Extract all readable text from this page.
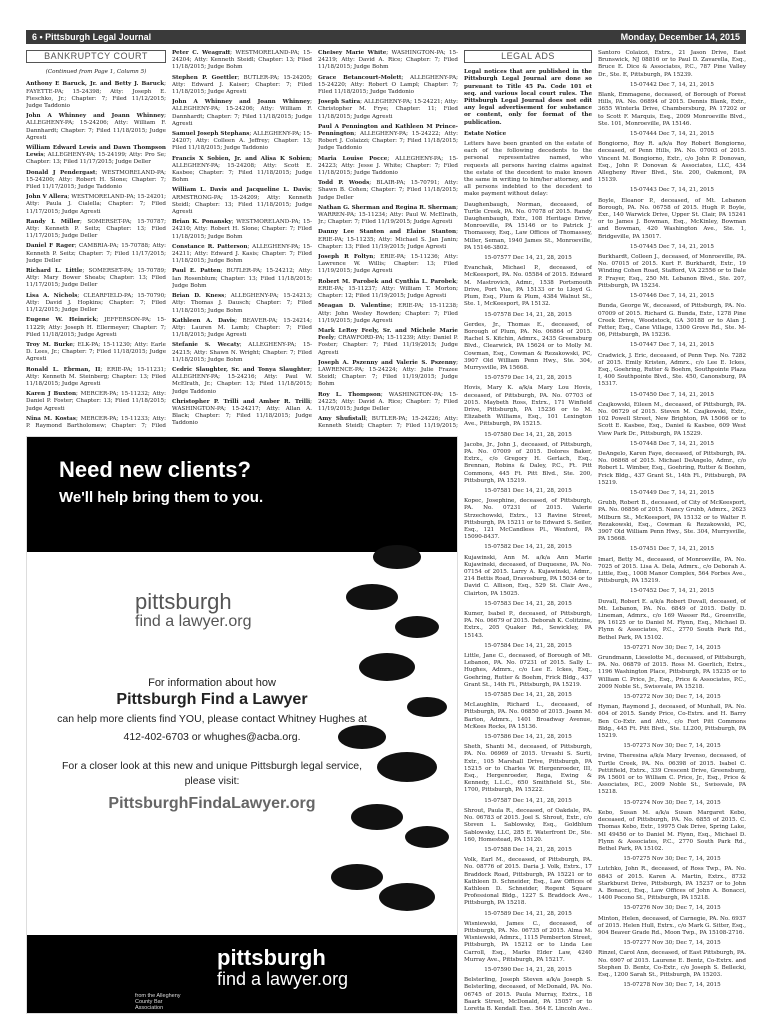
6 • Pittsburgh Legal Journal	Monday, December 14, 2015
BANKRUPTCY COURT
(Continued from Page 1, Column 5)

Anthony E Baruck, Jr. and Betty J. Baruck; FAYETTE-PA; 15-24398; Atty: Joseph E. Fieschko, Jr.; Chapter: 7; Filed 11/12/2015; Judge Taddonio

John A Whinney and Joann Whinney; ALLEGHENY-PA; 15-24206; Atty: William F. Dannhardt; Chapter: 7; Filed 11/18/2015; Judge Agresti

William Edward Lewis and Dawn Thompson Lewis; ALLEGHENY-PA; 15-24199; Atty: Pro Se; Chapter: 13; Filed 11/17/2015; Judge Deller

Donald J Pendergast; WESTMORELAND-PA; 15-24200; Atty: Robert H. Slone; Chapter: 7; Filed 11/17/2015; Judge Taddonio

John V Allera; WESTMORELAND-PA; 15-24201; Atty: Paula J. Cialella; Chapter: 7; Filed 11/17/2015; Judge Agresti

Randy L Miller; SOMERSET-PA; 15-70787; Atty: Kenneth P. Seitz; Chapter: 13; Filed 11/17/2015; Judge Deller

Daniel F Rager; CAMBRIA-PA; 15-70788; Atty: Kenneth P. Seitz; Chapter: 7; Filed 11/17/2015; Judge Deller

Richard L. Little; SOMERSET-PA; 15-70789; Atty: Mary Bower Sheats; Chapter: 13; Filed 11/17/2015; Judge Deller

Lisa A. Nichols; CLEARFIELD-PA; 15-70790; Atty: David J. Hopkins; Chapter: 7; Filed 11/12/2015; Judge Deller

Eugene W. Heinrick; JEFFERSON-PA; 15-11229; Atty: Joseph H. Ellermeyer; Chapter: 7; Filed 11/18/2015; Judge Agresti

Troy M. Burke; ELK-PA; 15-11230; Atty: Earle D. Lees, Jr.; Chapter: 7; Filed 11/18/2015; Judge Agresti

Ronald L. Ebrman, II; ERIE-PA; 15-11231; Atty: Kenneth M. Steinberg; Chapter: 13; Filed 11/18/2015; Judge Agresti

Karen J Buxton; MERCER-PA; 15-11232; Atty: Daniel P. Foster; Chapter: 13; Filed 11/18/2015; Judge Agresti

Nina M. Kostas; MERCER-PA; 15-11233; Atty: P. Raymond Bartholomew; Chapter: 7; Filed

Peter C. Weagraff; WESTMORELAND-PA; 15-24204; Atty: Kenneth Steidl; Chapter: 13; Filed 11/18/2015; Judge Bohm

Stephen P. Goettler; BUTLER-PA; 15-24205; Atty: Edward J. Kaiser; Chapter: 7; Filed 11/18/2015; Judge Agresti

John A Whinney and Joann Whinney; ALLEGHENY-PA; 15-24206; Atty: William F. Dannhardt; Chapter: 7; Filed 11/18/2015; Judge Agresti

Samuel Joseph Stephans; ALLEGHENY-PA; 15-24207; Atty: Colleen A. Jeffrey; Chapter: 13; Filed 11/18/2015; Judge Taddonio

Francis X Sobien, Jr. and Alisa K Sobien; ALLEGHENY-PA; 15-24208; Atty: Scott E. Kasbee; Chapter: 7; Filed 11/18/2015; Judge Bohm

William L. Davis and Jacqueline L. Davis; ARMSTRONG-PA; 15-24209; Atty: Kenneth Steidl; Chapter: 13; Filed 11/18/2015; Judge Agresti

Brian K. Ponansky; WESTMORELAND-PA; 15-24210; Atty: Robert H. Slone; Chapter: 7; Filed 11/18/2015; Judge Bohm

Constance R. Patterson; ALLEGHENY-PA; 15-24211; Atty: Edward J. Kasis; Chapter: 7; Filed 11/18/2015; Judge Bohm

Paul E. Patten; BUTLER-PA; 15-24212; Atty: Ian Rosenblum; Chapter: 13; Filed 11/18/2015; Judge Bohm

Brian D. Kness; ALLEGHENY-PA; 15-24213; Atty: Thomas J. Dausch; Chapter: 7; Filed 11/18/2015; Judge Bohm

Kathleen A. Davis; BEAVER-PA; 15-24214; Atty: Lauren M. Lamb; Chapter: 7; Filed 11/18/2015; Judge Agresti

Stefanie S. Wecaty; ALLEGHENY-PA; 15-24215; Atty: Shawn N. Wright; Chapter: 7; Filed 11/18/2015; Judge Bohm

Cedric Slaughter, Sr. and Tonya Slaughter; ALLEGHENY-PA; 15-24216; Atty: Paul W. McElrath, Jr.; Chapter: 13; Filed 11/18/2015; Judge Taddonio

Christopher P. Trilli and Amber R. Trilli; WASHINGTON-PA; 15-24217; Atty: Allan A. Black; Chapter: 7; Filed 11/18/2015; Judge Taddonio

Chelsey Marie White; WASHINGTON-PA; 15-24219; Atty: David A. Rice; Chapter: 7; Filed 11/18/2015; Judge Bohm

Grace Betancourt-Molett; ALLEGHENY-PA; 15-24220; Atty: Robert O Lampl; Chapter: 7; Filed 11/18/2015; Judge Taddonio

Joseph Satira; ALLEGHENY-PA; 15-24221; Atty: Christopher M. Frye; Chapter: 11; Filed 11/18/2015; Judge Agresti

Paul A Pennington and Kathleen M Prince-Pennington; ALLEGHENY-PA; 15-24222; Atty: Robert J. Colaizzi; Chapter: 7; Filed 11/18/2015; Judge Taddonio

Maria Louise Pocce; ALLEGHENY-PA; 15-24223; Atty: Jesse J. White; Chapter: 7; Filed 11/18/2015; Judge Taddonio

Todd P. Woods; BLAIR-PA; 15-70791; Atty: Shawn B. Cohen; Chapter: 7; Filed 11/18/2015; Judge Deller

Nathan G. Sherman and Regina R. Sherman; WARREN-PA; 15-11234; Atty: Paul W. McElrath, Jr.; Chapter: 7; Filed 11/19/2015; Judge Agresti

Danny Lee Stanton and Elaine Stanton; ERIE-PA; 15-11235; Atty: Michael S. Jan Janin; Chapter: 13; Filed 11/19/2015; Judge Agresti

Joseph R Foltyn; ERIE-PA; 15-11236; Atty: Lawrence W. Willis; Chapter: 13; Filed 11/19/2015; Judge Agresti

Robert M. Parobek and Cynthia L. Parobek; ERIE-PA; 15-11237; Atty: William T. Morton; Chapter: 12; Filed 11/19/2015; Judge Agresti

Meagan D. Valentine; ERIE-PA; 15-11238; Atty: John Wesley Rowden; Chapter: 7; Filed 11/19/2015; Judge Agresti

Mark LeRoy Feely, Sr. and Michele Marie Feely; CRAWFORD-PA; 15-11239; Atty: Daniel P. Foster; Chapter: 7; Filed 11/19/2015; Judge Agresti

Joseph A. Pszenny and Valerie S. Pszenny; LAWRENCE-PA; 15-24224; Atty: Julie Frazee Steidl; Chapter: 7; Filed 11/19/2015; Judge Bohm

Roy L. Thompson; WASHINGTON-PA; 15-24225; Atty: David A. Rice; Chapter: 7; Filed 11/19/2015; Judge Deller

Amy Shufistall; BUTLER-PA; 15-24226; Atty: Kenneth Steidl; Chapter: 7; Filed 11/19/2015;

LEGAL ADS

Legal notices that are published in the Pittsburgh Legal Journal are done so pursuant to Title 45 Pa. Code 101 et seq. and various local court rules. The Pittsburgh Legal Journal does not edit any legal advertisement for substance or content, only for format of the publication.

Estate Notice

Letters have been granted on the estate of each of the following decedents to the personal representative named, who requests all persons having claims against the estate of the decedent to make known the same in writing to him/her attorney, and all persons indebted to the decedent to make payment without delay:

Daughenbaugh, Norman, deceased, of Turtle Creek, PA. No. 07078 of 2015. Randy Daughenbaugh, Extr., 108 Heritage Drive, Monroeville, PA 15146 or to Patrick J. Thomassey, Esq., Law Offices of Thomassey, Miller, Seman, 1940 James St., Monroeville, PA 15146-3802.

15-07577 Dec 14, 21, 28, 2015

Evanchak, Michael P., deceased, of McKeesport, PA. No. 05584 of 2015. Edward M. Mastrovich, Admr., 1538 Portsmouth Drive, Port Vue, PA 15133 or to Lloyd G. Plum, Esq., Plum & Plum, 4384 Walnut St., Ste. 1, McKeesport, PA 15132.

15-07578 Dec 14, 21, 28, 2015

Gerdes, Jr., Thomas E., deceased, of Borough of Plum, PA. No. 06864 of 2015. Rachel S. Kitchin, Admrx., 2435 Greensburg Blvd., Clearwick, PA 15624 or to Molly M. Cowman, Esq., Cowman & Rezakowski, PC, 3907 Old William Penn Hwy., Ste. 304, Murrysville, PA 15668.

15-07579 Dec 14, 21, 28, 2015

Hovis, Mary K. a/k/a Mary Lou Hovis, deceased, of Pittsburgh, PA. No. 07703 of 2015. Maybeth Ross, Extrx., 171 Winfield Drive, Pittsburgh, PA 15236 or to M. Elizabeth Williams, Esq., 101 Lexington Ave., Pittsburgh, PA 15215.

15-07580 Dec 14, 21, 28, 2015

Jacobs, Jr., John J., deceased, of Pittsburgh, PA. No. 07009 of 2015. Dolores Baker, Extrx., c/o Gregory H. Gerlach, Esq., Brennan, Robins & Daley, P.C., Ft. Pitt Commons, 445 Ft. Pitt Blvd., Ste. 200, Pittsburgh, PA 15219.

15-07581 Dec 14, 21, 28, 2015

Kopec, Josephine, deceased, of Pittsburgh, PA. No. 07231 of 2015. Valerie Strzechowski, Extrx., 13 Ravine Street, Pittsburgh, PA 15211 or to Edward S. Seiler, Esq., 121 McCandless Pl., Wexford, PA 15090-8437.

15-07582 Dec 14, 21, 28, 2015

Kujawinski, Ann M. a/k/a Ann Marie Kujawinski, deceased, of Duquesne, PA. No. 07154 of 2015. Larry A. Kujawinski, Admr., 214 Bettis Road, Dravosburg, PA 15034 or to David C. Allison, Esq., 529 St. Clair Ave., Clairton, PA 15025.

15-07583 Dec 14, 21, 28, 2015

Kumer, Isabel P., deceased, of Pittsburgh, PA. No. 06679 of 2015. Deborah K. Colitzine, Extrx., 205 Quaker Rd., Sewickley, PA 15143.

15-07584 Dec 14, 21, 28, 2015

Little, Jane C., deceased, of Borough of Mt. Lebanon, PA. No. 07231 of 2015. Sally L. Hughes, Admrx., c/o Lee E. Ickes, Esq., Goehring, Rutter & Boehm, Frick Bldg., 437 Grant St., 14th Fl., Pittsburgh, PA 15219.

15-07585 Dec 14, 21, 28, 2015

McLaughlin, Richard L., deceased, of Pittsburgh, PA. No. 06850 of 2015. Joann M. Barton, Admrx., 1401 Broadway Avenue, McKees Rocks, PA 15136.

15-07586 Dec 14, 21, 28, 2015

Sheth, Shanti M., deceased, of Pittsburgh, PA. No. 06969 of 2015. Urvashi S. Surti, Extr., 105 Marshall Drive, Pittsburgh, PA 15215 or to Charles W. Hergenroeder, III, Esq., Hergenroeder, Rega, Ewing & Kennedy, L.L.C., 650 Smithfield St., Ste. 1700, Pittsburgh, PA 15222.

15-07587 Dec 14, 21, 28, 2015

Shrout, Paula R., deceased, of Oakdale, PA. No. 06783 of 2015. Joel S. Shrout, Extr., c/o Steven L. Sablowsky, Esq., Goldblum Sablowsky, LLC, 285 E. Waterfront Dr., Ste. 160, Homestead, PA 15120.

15-07588 Dec 14, 21, 28, 2015

Volk, Earl M., deceased, of Pittsburgh, PA. No. 08776 of 2015. Daria J. Volk, Extrx., 17 Braddock Road, Pittsburgh, PA 15221 or to Kathleen D. Schneider, Esq., Law Offices of Kathleen D. Schneider, Regent Square Professional Bldg., 1227 S. Braddock Ave., Pittsburgh, PA 15218.

15-07589 Dec 14, 21, 28, 2015

Wisniewski, James C., deceased, of Pittsburgh, PA. No. 06735 of 2015. Alma M. Wisniewski, Admrx., 1115 Pemberton Street, Pittsburgh, PA 15212 or to Linda Lee Carroll, Esq., Marks Elder Law, 4240 Murray Ave., Pittsburgh, PA 15217.

15-07590 Dec 14, 21, 28, 2015

Belsterling, Joseph Steven a/k/a Joseph S. Belsterling, deceased, of McDonald, PA. No. 06745 of 2015. Paula Murray, Extrx., 18 Baark Street, McDonald, PA 15057 or to Loretta B. Kendall, Esq., 564 E. Lincoln Ave.,

Santoro Colaizzi, Extrx., 21 Jason Drive, East Brunswick, NJ 08816 or to Paul D. Zavarella, Esq., Bruce E. Dice & Associates, P.C., 787 Pine Valley Dr., Ste. E, Pittsburgh, PA 15239.

15-07442 Dec 7, 14, 21, 2015

Blank, Emmagene, deceased, of Borough of Forest Hills, PA. No. 06894 of 2015. Dennis Blank, Extr., 3655 Winterla Drive, Chambersburg, PA 17202 or to Scott F. Marquis, Esq., 2009 Monroeville Blvd., Ste. 101, Monroeville, PA 15146.

15-07444 Dec 7, 14, 21, 2015

Bongiorno, Roy R. a/k/a Roy Robert Bongiorno, deceased, of Penn Hills, PA. No. 07003 of 2015. Vincent M. Bongiorno, Extr., c/o John P. Donovan, Esq., John P. Donovan & Associates, LLC, 434 Allegheny River Blvd., Ste. 200, Oakmont, PA 15139.

15-07443 Dec 7, 14, 21, 2015

Boyle, Eleanor P., deceased, of Mt. Lebanon Borough, PA. No. 06758 of 2015. Hugh P. Boyle, Exr., 140 Warwick Drive, Upper St. Clair, PA 15241 or to James J. Bowman, Esq., McKinley, Bowman and Bowman, 420 Washington Ave., Ste. 1, Bridgeville, PA 15017.

15-07445 Dec 7, 14, 21, 2015

Burkhardt, Colleen J., deceased, of Monroeville, PA. No. 07015 of 2015. Kurt F. Burkhardt, Extr., 19 Winding Cohen Road, Stafford, VA 22556 or to Dale P. Frayer, Esq., 250 Mt. Lebanon Blvd., Ste. 207, Pittsburgh, PA 15234.

15-07446 Dec 7, 14, 21, 2015

Bunda, George W., deceased, of Pittsburgh, PA. No. 07009 of 2015. Richard G. Bunda, Extr., 1278 Pine Creek Drive, Woodstock, GA 30188 or to Alan J. Fetter, Esq., Cane Village, 1300 Grove Rd., Ste. M-06, Pittsburgh, PA 15236.

15-07447 Dec 7, 14, 21, 2015

Cradwick, J. Eric, deceased, of Penn Twp. No. 7282 of 2015. Emily Kristen, Admrx., c/o Lee E. Ickes, Esq., Goehring, Rutter & Boehm, Southpointe Plaza I, 400 Southpointe Blvd., Ste. 450, Canonsburg, PA 15317.

15-07450 Dec 7, 14, 21, 2015

Czajkowski, Eileen M., deceased, of Pittsburgh, PA. No. 06729 of 2015. Steven M. Czajkowski, Extr., 102 Powell Street, New Brighton, PA 15066 or to Scott E. Kasbee, Esq., Daniel & Kasbee, 609 West View Park Dr., Pittsburgh, PA 15229.

15-07448 Dec 7, 14, 21, 2015

DeAngelo, Karen Faye, deceased, of Pittsburgh, PA. No. 06868 of 2015. Michael DeAngelo, Admr., c/o Robert L. Wimber, Esq., Goehring, Rutter & Boehm, Frick Bldg., 437 Grant St., 14th Fl., Pittsburgh, PA 15219.

15-07449 Dec 7, 14, 21, 2015

Grubb, Robert B., deceased, of City of McKeesport, PA. No. 06856 of 2015. Nancy Grubb, Admrx., 2623 Milburn St., McKeesport, PA 15132 or to Walter F. Rezakowski, Esq., Cowman & Rezakowski, PC, 3907 Old William Penn Hwy., Ste. 304, Murrysville, PA 15668.

15-07451 Dec 7, 14, 21, 2015

Imarl, Betty M., deceased, of Monroeville, PA. No. 7025 of 2015. Lisa A. Dela, Admrx., c/o Deborah A. Little, Esq., 1008 Manor Complex, 564 Forbes Ave., Pittsburgh, PA 15219.

15-07452 Dec 7, 14, 21, 2015

Duvall, Robert E. a/k/a Robert Duvall, deceased, of Mt. Lebanon, PA. No. 6849 of 2015. Dolly D. Lineman, Admrx., c/o 169 Wasser Rd., Greenville, PA 16125 or to Daniel M. Flynn, Esq., Michael D. Flynn & Associates, P.C., 2770 South Park Rd., Bethel Park, PA 15102.

15-07271 Nov 30; Dec 7, 14, 2015

Grundmann, Lieselotte M., deceased, of Pittsburgh, PA. No. 06879 of 2015. Ross M. Goerlich, Extrx., 1196 Washington Place, Pittsburgh, PA 15235 or to William C. Price, Jr., Esq., Price & Associates, P.C., 2009 Noble St., Swissvale, PA 15218.

15-07272 Nov 30; Dec 7, 14, 2015

Hyman, Raymond J., deceased, of Munhall, PA. No. 604 of 2015. Sandy Price, Co-Extrx. and H. Barry Ben Co-Extr. and Attv., c/o Fort Pitt Commons Bldg., 445 Ft. Pitt Blvd., Ste. LL200, Pittsburgh, PA 15219.

15-07273 Nov 30; Dec 7, 14, 2015

Irvine, Theresina a/k/a Mary Irvenso, deceased, of Turtle Creek, PA. No. 06398 of 2015. Isabel C. Pettitfield, Extrx., 339 Crescent Drive, Greensburg, PA 15601 or to William C. Price, Jr., Esq., Price & Associates, P.C., 2009 Noble St., Swissvale, PA 15218.

15-07274 Nov 30; Dec 7, 14, 2015

Kebo, Susan M. a/k/a Susan Margaret Kebo, deceased, of Pittsburgh, PA. No. 6855 of 2015. C. Thomas Kebo, Extr., 19975 Oak Drive, Spring Lake, MI 49456 or to Daniel M. Flynn, Esq., Michael D. Flynn & Associates, P.C., 2770 South Park Rd., Bethel Park, PA 15102.

15-07275 Nov 30; Dec 7, 14, 2015

Lutchko, John R., deceased, of Ross Twp., PA. No. 6843 of 2015. Karen A. Martin, Extrx., 8732 Starkburst Drive, Pittsburgh, PA 15237 or to John A. Bonacci, Esq., Law Offices of John A. Bonacci, 1400 Pocono St., Pittsburgh, PA 15218.

15-07276 Nov 30; Dec 7, 14, 2015

Minton, Helen, deceased, of Carnegie, PA. No. 6937 of 2015. Helen Hull, Extrx., c/o Mark G. Sitter, Esq., 904 Beaver Grade Rd., Moon Twp., PA 15108-2716.

15-07277 Nov 30; Dec 7, 14, 2015

Rinzel, Carol Ann, deceased, of East Pittsburgh, PA. No. 6907 of 2015. Laurene E. Bentz, Co-Extrx. and Stephen D. Bentz, Co-Extr., c/o Joseph S. Bellecki, Esq., 1200 Sarah St., Pittsburgh, PA 15203.

15-07278 Nov 30; Dec 7, 14, 2015

Need new clients?
We'll help bring them to you.
pittsburgh
find a lawyer.org
For information about how
Pittsburgh Find a Lawyer
can help more clients find YOU, please contact Whitney Hughes at
412-402-6703 or whughes@acba.org.
For a closer look at this new and unique Pittsburgh legal service, please visit:
PittsburghFindaLawyer.org
from the Allegheny County Bar Association
pittsburgh
find a lawyer.org
